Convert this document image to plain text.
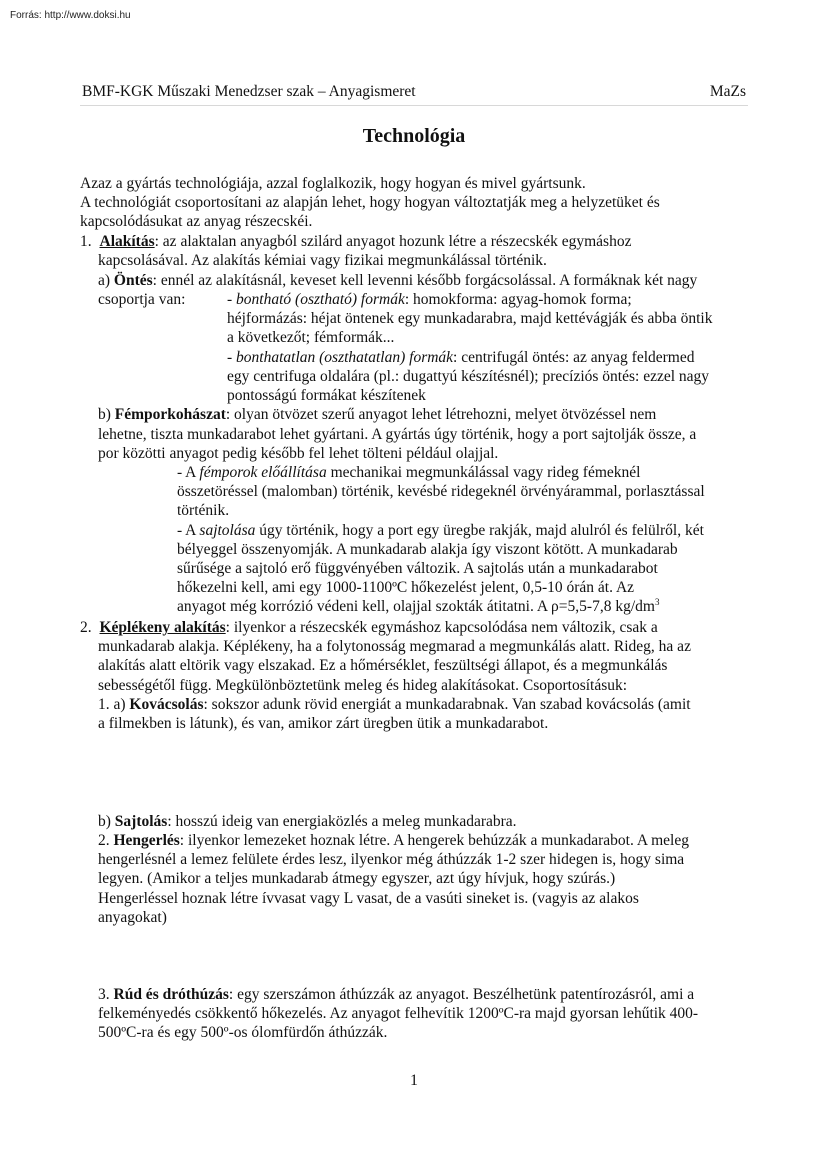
Forrás: http://www.doksi.hu
BMF-KGK Műszaki Menedzser szak – Anyagismeret	MaZs
Technológia
Azaz a gyártás technológiája, azzal foglalkozik, hogy hogyan és mivel gyártsunk.
A technológiát csoportosítani az alapján lehet, hogy hogyan változtatják meg a helyzetüket és
kapcsolódásukat az anyag részecskéi.
1. Alakítás: az alaktalan anyagból szilárd anyagot hozunk létre a részecskék egymáshoz
kapcsolásával. Az alakítás kémiai vagy fizikai megmunkálással történik.
a) Öntés: ennél az alakításnál, keveset kell levenni később forgácsolással. A formáknak két nagy
csoportja van:	- bontható (osztható) formák: homokforma: agyag-homok forma;
héjformázás: héjat öntenek egy munkadarabra, majd kettévágják és abba öntik
a következőt; fémformák...
- bonthatatlan (oszthatatlan) formák: centrifugál öntés: az anyag feldermed
egy centrifuga oldalára (pl.: dugattyú készítésnél); precíziós öntés: ezzel nagy
pontosságú formákat készítenek
b) Fémporkohászat: olyan ötvözet szerű anyagot lehet létrehozni, melyet ötvözéssel nem
lehetne, tiszta munkadarabot lehet gyártani. A gyártás úgy történik, hogy a port sajtolják össze, a
por közötti anyagot pedig később fel lehet tölteni például olajjal.
- A fémporok előállítása mechanikai megmunkálással vagy rideg fémeknél
összetöréssel (malomban) történik, kevésbé ridegeknél örvényárammal, porlasztással
történik.
- A sajtolása úgy történik, hogy a port egy üregbe rakják, majd alulról és felülről, két
bélyeggel összenyomják. A munkadarab alakja így viszont kötött. A munkadarab
sűrűsége a sajtoló erő függvényében változik. A sajtolás után a munkadarabot
hőkezelni kell, ami egy 1000-1100ºC hőkezelést jelent, 0,5-10 órán át. Az
anyagot még korrózió védeni kell, olajjal szokták átitatni. A ρ=5,5-7,8 $kg/dm^3$
2. Képlékeny alakítás: ilyenkor a részecskék egymáshoz kapcsolódása nem változik, csak a
munkadarab alakja. Képlékeny, ha a folytonosság megmarad a megmunkálás alatt. Rideg, ha az
alakítás alatt eltörik vagy elszakad. Ez a hőmérséklet, feszültségi állapot, és a megmunkálás
sebességétől függ. Megkülönböztetünk meleg és hideg alakításokat. Csoportosításuk:
1. a) Kovácsolás: sokszor adunk rövid energiát a munkadarabnak. Van szabad kovácsolás (amit
a filmekben is látunk), és van, amikor zárt üregben ütik a munkadarabot.
b) Sajtolás: hosszú ideig van energiaközlés a meleg munkadarabra.
2. Hengerlés: ilyenkor lemezeket hoznak létre. A hengerek behúzzák a munkadarabot. A meleg
hengerlésnél a lemez felülete érdes lesz, ilyenkor még áthúzzák 1-2 szer hidegen is, hogy sima
legyen. (Amikor a teljes munkadarab átmegy egyszer, azt úgy hívjuk, hogy szúrás.)
Hengerléssel hoznak létre ívvasat vagy L vasat, de a vasúti sineket is. (vagyis az alakos
anyagokat)
3. Rúd és dróthúzás: egy szerszámon áthúzzák az anyagot. Beszélhetünk patentírozásról, ami a
felkeményedés csökkentő hőkezelés. Az anyagot felhevítik 1200ºC-ra majd gyorsan lehűtik 400-
500ºC-ra és egy 500º-os ólomfürdőn áthúzzák.
1
